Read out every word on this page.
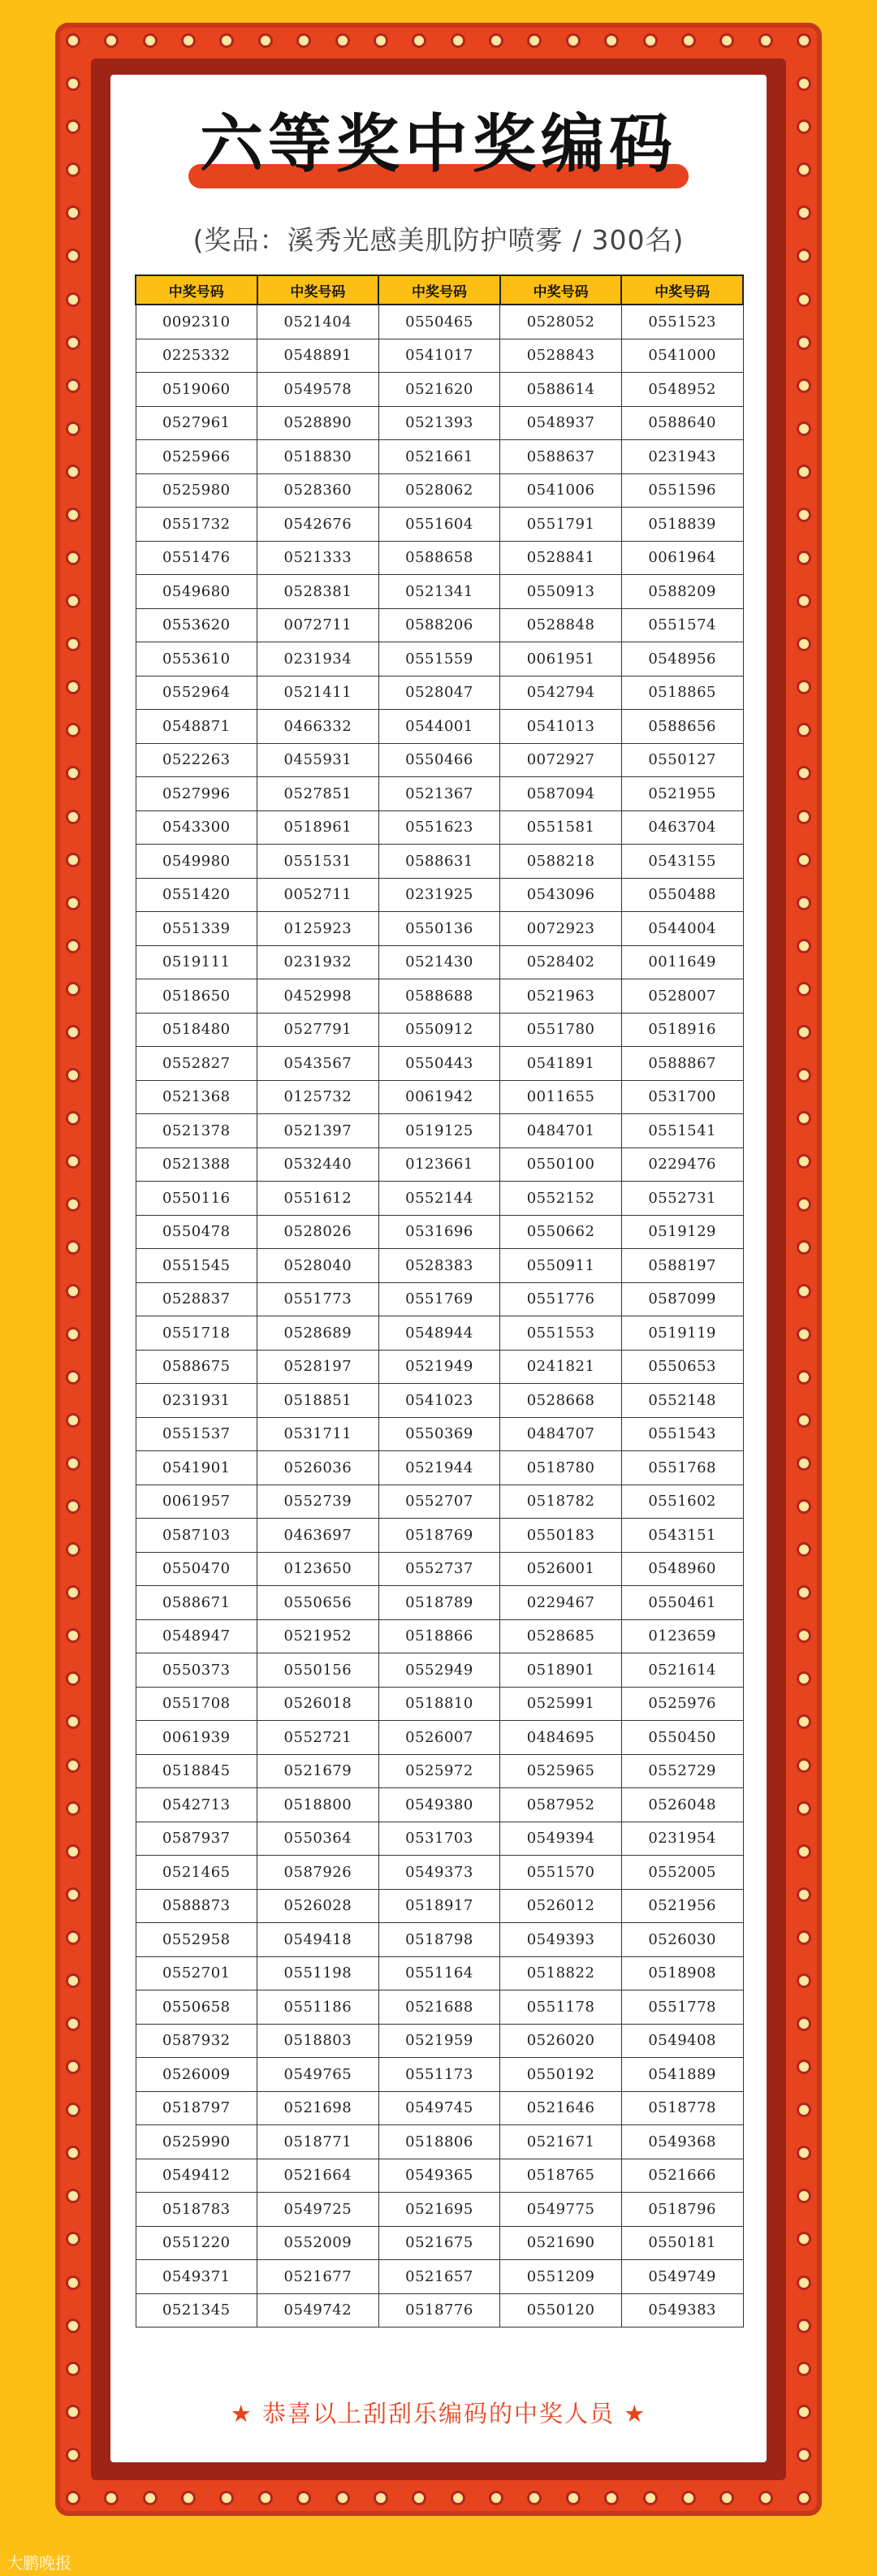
六等奖中奖编码
(奖品：溪秀光感美肌防护喷雾 / 300名)
中奖号码	中奖号码	中奖号码	中奖号码	中奖号码
0092310	0521404	0550465	0528052	0551523
0225332	0548891	0541017	0528843	0541000
0519060	0549578	0521620	0588614	0548952
0527961	0528890	0521393	0548937	0588640
0525966	0518830	0521661	0588637	0231943
0525980	0528360	0528062	0541006	0551596
0551732	0542676	0551604	0551791	0518839
0551476	0521333	0588658	0528841	0061964
0549680	0528381	0521341	0550913	0588209
0553620	0072711	0588206	0528848	0551574
0553610	0231934	0551559	0061951	0548956
0552964	0521411	0528047	0542794	0518865
0548871	0466332	0544001	0541013	0588656
0522263	0455931	0550466	0072927	0550127
0527996	0527851	0521367	0587094	0521955
0543300	0518961	0551623	0551581	0463704
0549980	0551531	0588631	0588218	0543155
0551420	0052711	0231925	0543096	0550488
0551339	0125923	0550136	0072923	0544004
0519111	0231932	0521430	0528402	0011649
0518650	0452998	0588688	0521963	0528007
0518480	0527791	0550912	0551780	0518916
0552827	0543567	0550443	0541891	0588867
0521368	0125732	0061942	0011655	0531700
0521378	0521397	0519125	0484701	0551541
0521388	0532440	0123661	0550100	0229476
0550116	0551612	0552144	0552152	0552731
0550478	0528026	0531696	0550662	0519129
0551545	0528040	0528383	0550911	0588197
0528837	0551773	0551769	0551776	0587099
0551718	0528689	0548944	0551553	0519119
0588675	0528197	0521949	0241821	0550653
0231931	0518851	0541023	0528668	0552148
0551537	0531711	0550369	0484707	0551543
0541901	0526036	0521944	0518780	0551768
0061957	0552739	0552707	0518782	0551602
0587103	0463697	0518769	0550183	0543151
0550470	0123650	0552737	0526001	0548960
0588671	0550656	0518789	0229467	0550461
0548947	0521952	0518866	0528685	0123659
0550373	0550156	0552949	0518901	0521614
0551708	0526018	0518810	0525991	0525976
0061939	0552721	0526007	0484695	0550450
0518845	0521679	0525972	0525965	0552729
0542713	0518800	0549380	0587952	0526048
0587937	0550364	0531703	0549394	0231954
0521465	0587926	0549373	0551570	0552005
0588873	0526028	0518917	0526012	0521956
0552958	0549418	0518798	0549393	0526030
0552701	0551198	0551164	0518822	0518908
0550658	0551186	0521688	0551178	0551778
0587932	0518803	0521959	0526020	0549408
0526009	0549765	0551173	0550192	0541889
0518797	0521698	0549745	0521646	0518778
0525990	0518771	0518806	0521671	0549368
0549412	0521664	0549365	0518765	0521666
0518783	0549725	0521695	0549775	0518796
0551220	0552009	0521675	0521690	0550181
0549371	0521677	0521657	0551209	0549749
0521345	0549742	0518776	0550120	0549383
★ 恭喜以上刮刮乐编码的中奖人员 ★
大鹏晚报
